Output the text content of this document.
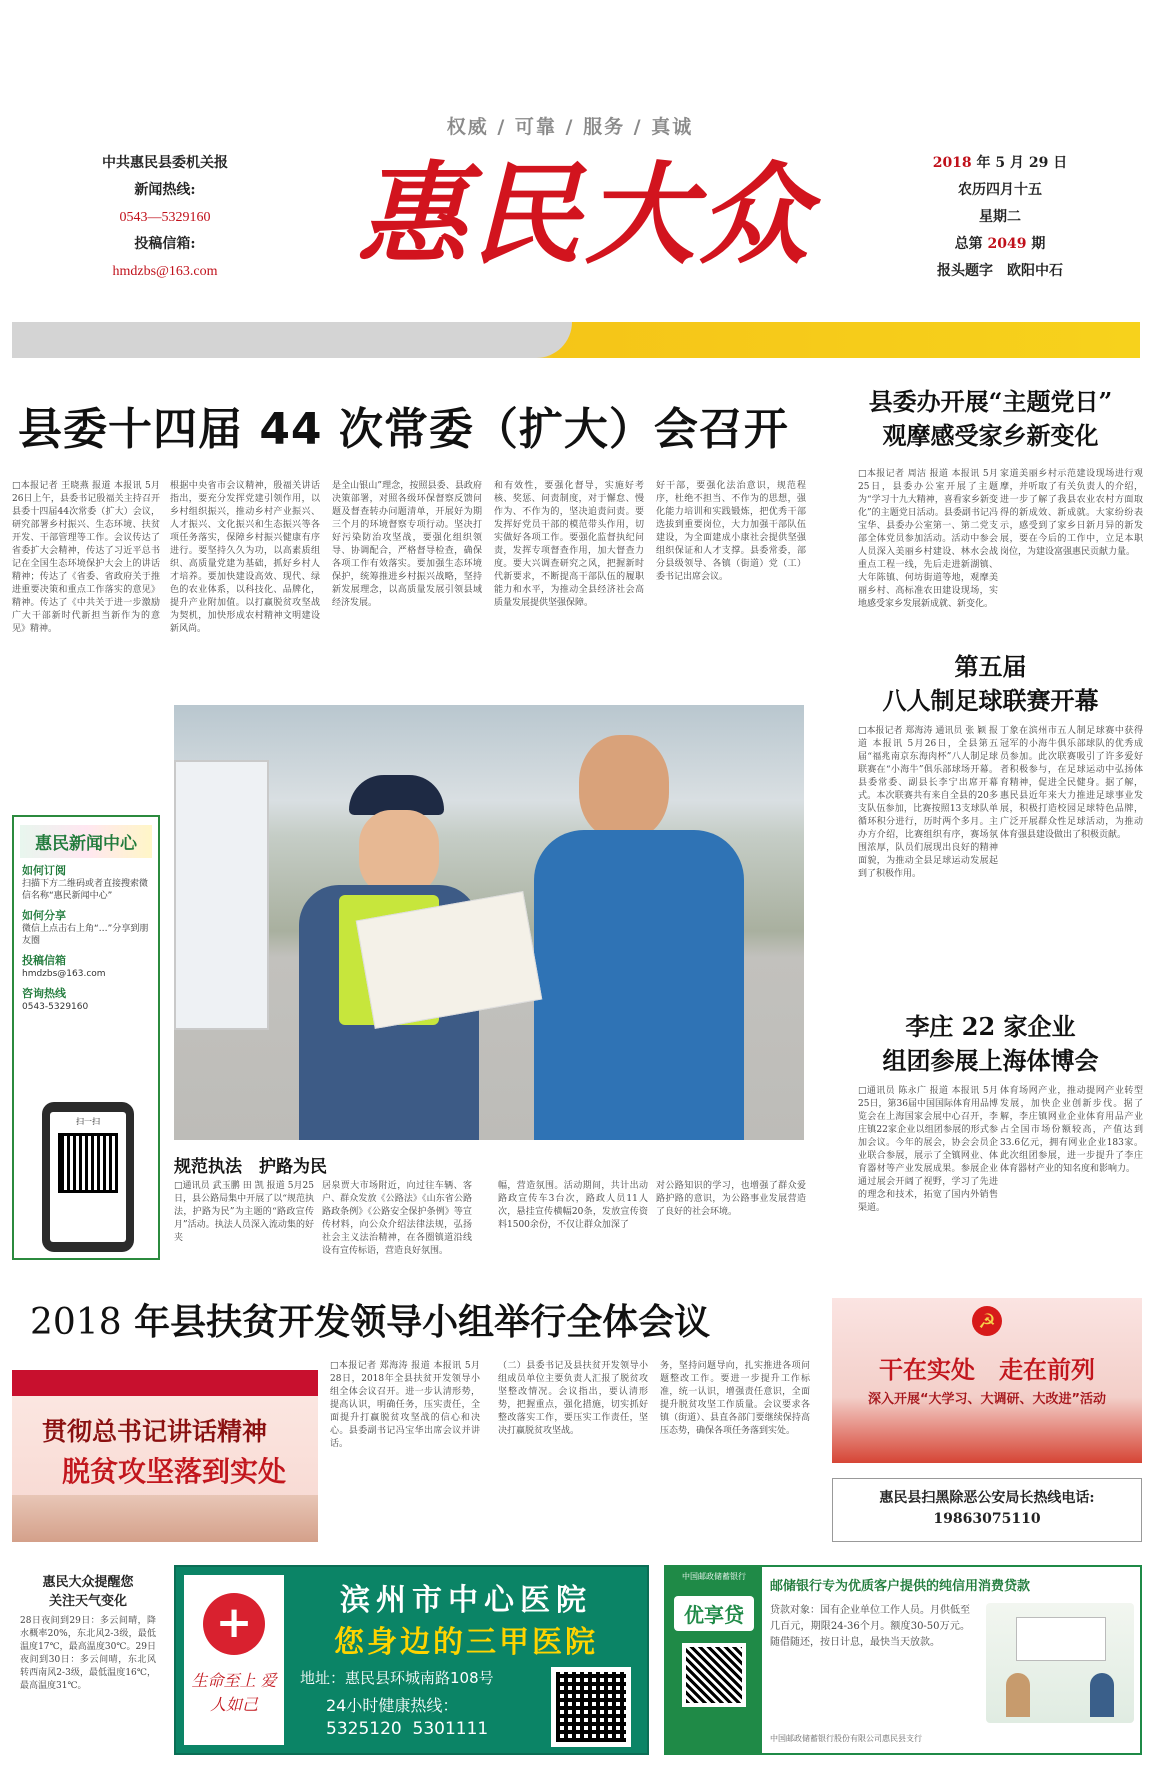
中共惠民县委机关报
新闻热线:
0543—5329160
投稿信箱:
hmdzbs@163.com
权威 / 可靠 / 服务 / 真诚
惠民大众	2018 年 5 月 29 日
农历四月十五
星期二
总第 2049 期
报头题字　欧阳中石
县委十四届 44 次常委（扩大）会召开
□本报记者 王晓燕 报道 本报讯 5月26日上午，县委书记殷福关主持召开县委十四届44次常委（扩大）会议，研究部署乡村振兴、生态环境、扶贫开发、干部管理等工作。会议传达了省委扩大会精神，传达了习近平总书记在全国生态环境保护大会上的讲话精神；传达了《省委、省政府关于推进重要决策和重点工作落实的意见》精神。传达了《中共关于进一步激励广大干部新时代新担当新作为的意见》精神。
根据中央省市会议精神，殷福关讲话指出，要充分发挥党建引领作用，以乡村组织振兴，推动乡村产业振兴、人才振兴、文化振兴和生态振兴等各项任务落实，保障乡村振兴健康有序进行。要坚持久久为功，以高素质组织、高质量党建为基础，抓好乡村人才培养。要加快建设高效、现代、绿色的农业体系，以科技化、品牌化，提升产业附加值。以打赢脱贫攻坚战为契机，加快形成农村精神文明建设新风尚。
是全山银山”理念，按照县委、县政府决策部署，对照各级环保督察反馈问题及督查转办问题清单，开展好为期三个月的环境督察专项行动。坚决打好污染防治攻坚战，要强化组织领导、协调配合，严格督导检查，确保各项工作有效落实。要加强生态环境保护，统筹推进乡村振兴战略，坚持新发展理念，以高质量发展引领县域经济发展。
和有效性，要强化督导，实施好考核、奖惩、问责制度，对于懈怠、慢作为、不作为的，坚决追责问责。要发挥好党员干部的模范带头作用，切实做好各项工作。要强化监督执纪问责，发挥专项督查作用，加大督查力度。要大兴调查研究之风，把握新时代新要求，不断提高干部队伍的履职能力和水平，为推动全县经济社会高质量发展提供坚强保障。
好干部，要强化法治意识，规范程序，杜绝不担当、不作为的思想，强化能力培训和实践锻炼，把优秀干部选拔到重要岗位，大力加强干部队伍建设，为全面建成小康社会提供坚强组织保证和人才支撑。县委常委，部分县级领导、各镇（街道）党（工）委书记出席会议。
县委办开展“主题党日”
观摩感受家乡新变化
□本报记者 周洁 报道 本报讯 5月25日，县委办公室开展了主题为“学习十九大精神，喜看家乡新变化”的主题党日活动。县委副书记冯宝华、县委办公室第一、第二党支部全体党员参加活动。活动中参会人员深入美丽乡村建设、林水会战重点工程一线，先后走进新湖镇、大年陈镇、何坊街道等地，观摩美丽乡村、高标准农田建设现场，实地感受家乡发展新成就、新变化。
家道美丽乡村示范建设现场进行观摩，并听取了有关负责人的介绍，进一步了解了我县农业农村方面取得的新成效、新成就。大家纷纷表示，感受到了家乡日新月异的新发展，要在今后的工作中，立足本职岗位，为建设富强惠民贡献力量。
第五届
八人制足球联赛开幕
□本报记者 郑海涛 通讯员 张 颖 报道 本报讯 5月26日，全县第五届“福兆南京东海肉杯”八人制足球联赛在“小海牛”俱乐部球场开幕。县委常委、副县长李宁出席开幕式。本次联赛共有来自全县的20多支队伍参加，比赛按照13支球队单循环积分进行，历时两个多月。主办方介绍，比赛组织有序，赛场氛围浓厚，队员们展现出良好的精神面貌，为推动全县足球运动发展起到了积极作用。
丁象在滨州市五人制足球赛中获得冠军的小海牛俱乐部球队的优秀成员参加。此次联赛吸引了许多爱好者积极参与，在足球运动中弘扬体育精神，促进全民健身。据了解，惠民县近年来大力推进足球事业发展，积极打造校园足球特色品牌，广泛开展群众性足球活动，为推动体育强县建设做出了积极贡献。
李庄 22 家企业
组团参展上海体博会
□通讯员 陈永广 报道 本报讯 5月25日，第36届中国国际体育用品博览会在上海国家会展中心召开，李庄镇22家企业以组团参展的形式参加会议。今年的展会，协会会员企业联合参展，展示了全镇网业、体育器材等产业发展成果。参展企业通过展会开阔了视野，学习了先进的理念和技术，拓宽了国内外销售渠道。
体育场网产业，推动提网产业转型发展，加快企业创新步伐。据了解，李庄镇网业企业体育用品产业占全国市场份额较高，产值达到33.6亿元，拥有网业企业183家。此次组团参展，进一步提升了李庄体育器材产业的知名度和影响力。
惠民新闻中心
如何订阅
扫描下方二维码或者直接搜索微信名称“惠民新闻中心”
如何分享
微信上点击右上角“…”分享到朋友圈
投稿信箱
hmdzbs@163.com
咨询热线
0543-5329160
扫一扫
规范执法　护路为民
□通讯员 武玉鹏 田 凯 报道 5月25日，县公路局集中开展了以“规范执法，护路为民”为主题的“路政宣传月”活动。执法人员深入流动集的好夹
居泉贾大市场附近，向过往车辆、客户、群众发放《公路法》《山东省公路路政条例》《公路安全保护条例》等宣传材料，向公众介绍法律法规，弘扬社会主义法治精神，在各圈镇道沿线设有宣传标语，营造良好氛围。
幅，营造氛围。活动期间，共计出动路政宣传车3台次，路政人员11人次，悬挂宣传横幅20条，发放宣传资料1500余份，不仅让群众加深了
对公路知识的学习，也增强了群众爱路护路的意识，为公路事业发展营造了良好的社会环境。
2018 年县扶贫开发领导小组举行全体会议
贯彻总书记讲话精神
脱贫攻坚落到实处
□本报记者 郑海涛 报道 本报讯 5月28日，2018年全县扶贫开发领导小组全体会议召开。进一步认清形势，提高认识，明确任务，压实责任，全面提升打赢脱贫攻坚战的信心和决心。县委副书记冯宝华出席会议并讲话。
（二）县委书记及县扶贫开发领导小组成员单位主要负责人汇报了脱贫攻坚整改情况。会议指出，要认清形势，把握重点，强化措施，切实抓好整改落实工作，要压实工作责任，坚决打赢脱贫攻坚战。
务，坚持问题导向，扎实推进各项问题整改工作。要进一步提升工作标准，统一认识，增强责任意识，全面提升脱贫攻坚工作质量。会议要求各镇（街道）、县直各部门要继续保持高压态势，确保各项任务落到实处。
☭
干在实处　走在前列
深入开展“大学习、大调研、大改进”活动
惠民县扫黑除恶公安局长热线电话:
19863075110
惠民大众提醒您
关注天气变化
28日夜间到29日：多云间晴，降水概率20%，东北风2-3级，最低温度17℃，最高温度30℃。29日夜间到30日：多云间晴，东北风转西南风2-3级，最低温度16℃，最高温度31℃。
+
生命至上 爱人如己
滨州市中心医院
您身边的三甲医院
地址：惠民县环城南路108号
24小时健康热线：
5325120  5301111
中国邮政储蓄银行
优享贷
邮储银行专为优质客户提供的纯信用消费贷款
贷款对象：国有企业单位工作人员。月供低至几百元，期限24-36个月。额度30-50万元。随借随还，按日计息，最快当天放款。
中国邮政储蓄银行股份有限公司惠民县支行
